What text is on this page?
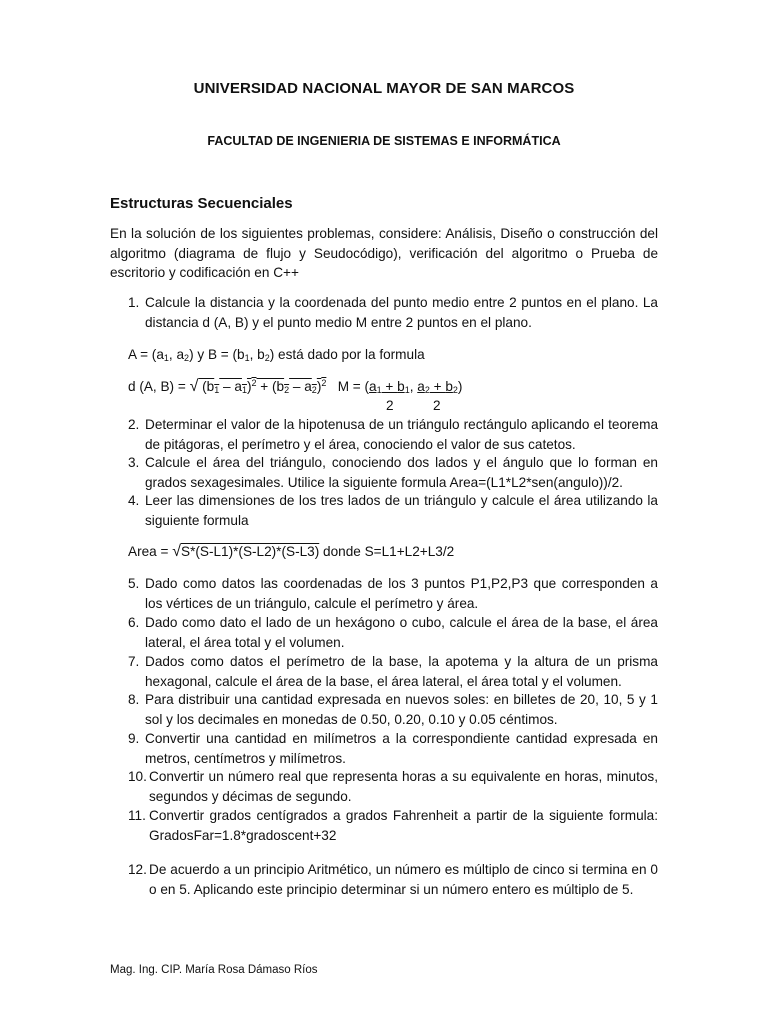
UNIVERSIDAD NACIONAL MAYOR DE SAN MARCOS
FACULTAD DE INGENIERIA DE SISTEMAS E INFORMÁTICA
Estructuras Secuenciales
En la solución de los siguientes problemas, considere: Análisis, Diseño o construcción del algoritmo (diagrama de flujo y Seudocódigo), verificación del algoritmo o Prueba de escritorio y codificación en C++
1. Calcule la distancia y la coordenada del punto medio entre 2 puntos en el plano. La distancia d (A, B) y el punto medio M entre 2 puntos en el plano.
$A = (a_1$, $a_2$) y $B = (b_1$, $b_2$) está dado por la formula
d (A, B) = √ $(b_1 - a_1)^2 + (b_2 - a_2)^2$ $M = (a_1 + b_1$, $a_2 + b_2$)
2	2
2. Determinar el valor de la hipotenusa de un triángulo rectángulo aplicando el teorema de pitágoras, el perímetro y el área, conociendo el valor de sus catetos.
3. Calcule el área del triángulo, conociendo dos lados y el ángulo que lo forman en grados sexagesimales. Utilice la siguiente formula Area=(L1*L2*sen(angulo))/2.
4. Leer las dimensiones de los tres lados de un triángulo y calcule el área utilizando la siguiente formula
Area = √S*(S-L1)*(S-L2)*(S-L3) donde S=L1+L2+L3/2
5. Dado como datos las coordenadas de los 3 puntos P1,P2,P3 que corresponden a los vértices de un triángulo, calcule el perímetro y área.
6. Dado como dato el lado de un hexágono o cubo, calcule el área de la base, el área lateral, el área total y el volumen.
7. Dados como datos el perímetro de la base, la apotema y la altura de un prisma hexagonal, calcule el área de la base, el área lateral, el área total y el volumen.
8. Para distribuir una cantidad expresada en nuevos soles: en billetes de 20, 10, 5 y 1 sol y los decimales en monedas de 0.50, 0.20, 0.10 y 0.05 céntimos.
9. Convertir una cantidad en milímetros a la correspondiente cantidad expresada en metros, centímetros y milímetros.
10. Convertir un número real que representa horas a su equivalente en horas, minutos, segundos y décimas de segundo.
11. Convertir grados centígrados a grados Fahrenheit a partir de la siguiente formula: GradosFar=1.8*gradoscent+32
12. De acuerdo a un principio Aritmético, un número es múltiplo de cinco si termina en 0 o en 5. Aplicando este principio determinar si un número entero es múltiplo de 5.
Mag. Ing. CIP. María Rosa Dámaso Ríos
